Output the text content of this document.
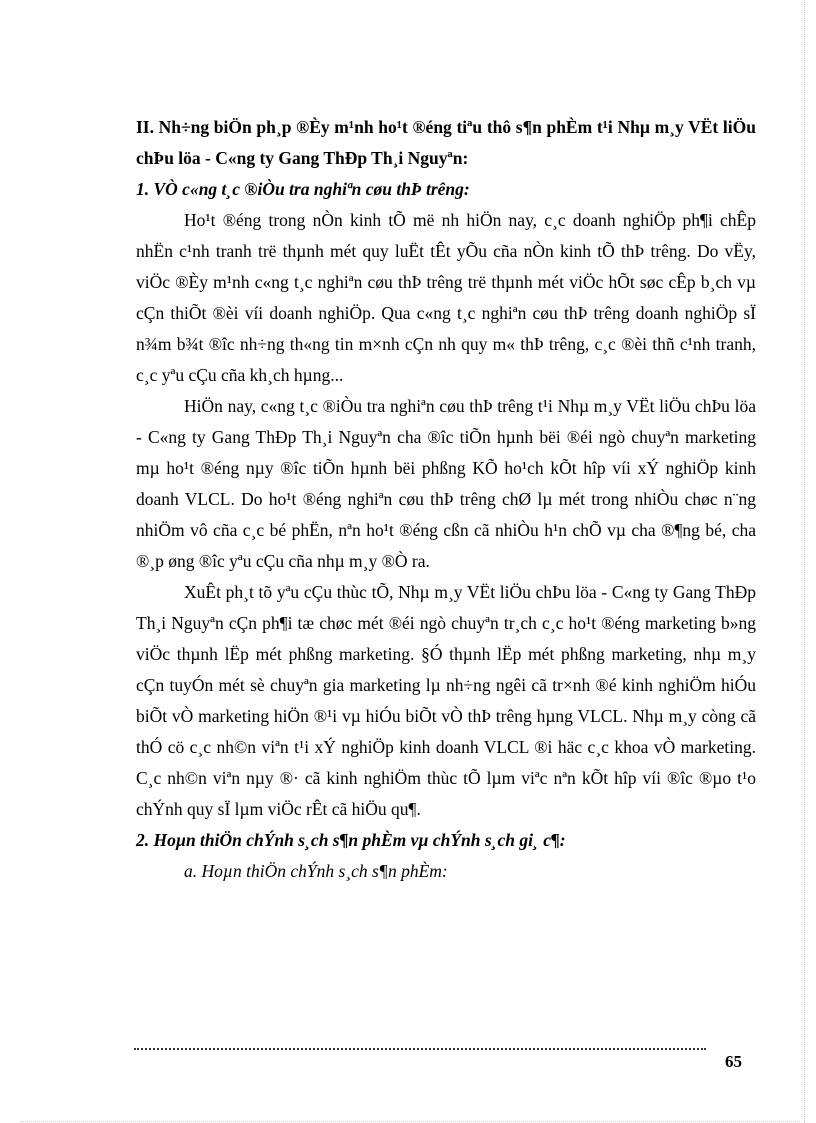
II. Nh÷ng biÖn ph¸p ®Èy m¹nh ho¹t ®éng tiªu thô s¶n phÈm t¹i Nhµ m¸y VËt liÖu chÞu löa - C«ng ty Gang ThÐp Th¸i Nguyªn:

1. VÒ c«ng t¸c ®iÒu tra nghiªn cøu thÞ trêng:

Ho¹t ®éng trong nÒn kinh tÕ më nh hiÖn nay, c¸c doanh nghiÖp ph¶i chÊp nhËn c¹nh tranh trë thµnh mét quy luËt tÊt yÕu cña nÒn kinh tÕ thÞ trêng. Do vËy, viÖc ®Èy m¹nh c«ng t¸c nghiªn cøu thÞ trêng trë thµnh mét viÖc hÕt søc cÊp b¸ch vµ cÇn thiÕt ®èi víi doanh nghiÖp. Qua c«ng t¸c nghiªn cøu thÞ trêng doanh nghiÖp sÏ n¾m b¾t ®îc nh÷ng th«ng tin m×nh cÇn nh quy m« thÞ trêng, c¸c ®èi thñ c¹nh tranh, c¸c yªu cÇu cña kh¸ch hµng...

HiÖn nay, c«ng t¸c ®iÒu tra nghiªn cøu thÞ trêng t¹i Nhµ m¸y VËt liÖu chÞu löa - C«ng ty Gang ThÐp Th¸i Nguyªn cha ®îc tiÕn hµnh bëi ®éi ngò chuyªn marketing mµ ho¹t ®éng nµy ®îc tiÕn hµnh bëi phßng KÕ ho¹ch kÕt hîp víi xÝ nghiÖp kinh doanh VLCL. Do ho¹t ®éng nghiªn cøu thÞ trêng chØ lµ mét trong nhiÒu chøc n¨ng nhiÖm vô cña c¸c bé phËn, nªn ho¹t ®éng cßn cã nhiÒu h¹n chÕ vµ cha ®¶ng bé, cha ®¸p øng ®îc yªu cÇu cña nhµ m¸y ®Ò ra.

XuÊt ph¸t tõ yªu cÇu thùc tÕ, Nhµ m¸y VËt liÖu chÞu löa - C«ng ty Gang ThÐp Th¸i Nguyªn cÇn ph¶i tæ chøc mét ®éi ngò chuyªn tr¸ch c¸c ho¹t ®éng marketing b»ng viÖc thµnh lËp mét phßng marketing. §Ó thµnh lËp mét phßng marketing, nhµ m¸y cÇn tuyÓn mét sè chuyªn gia marketing lµ nh÷ng ngêi cã tr×nh ®é kinh nghiÖm hiÓu biÕt vÒ marketing hiÖn ®¹i vµ hiÓu biÕt vÒ thÞ trêng hµng VLCL. Nhµ m¸y còng cã thÓ cö c¸c nh©n viªn t¹i xÝ nghiÖp kinh doanh VLCL ®i häc c¸c khoa vÒ marketing. C¸c nh©n viªn nµy ®· cã kinh nghiÖm thùc tÕ lµm viªc nªn kÕt hîp víi ®îc ®µo t¹o chÝnh quy sÏ lµm viÖc rÊt cã hiÖu qu¶.

2. Hoµn thiÖn chÝnh s¸ch s¶n phÈm vµ chÝnh s¸ch gi¸ c¶:

a. Hoµn thiÖn chÝnh s¸ch s¶n phÈm:

65
